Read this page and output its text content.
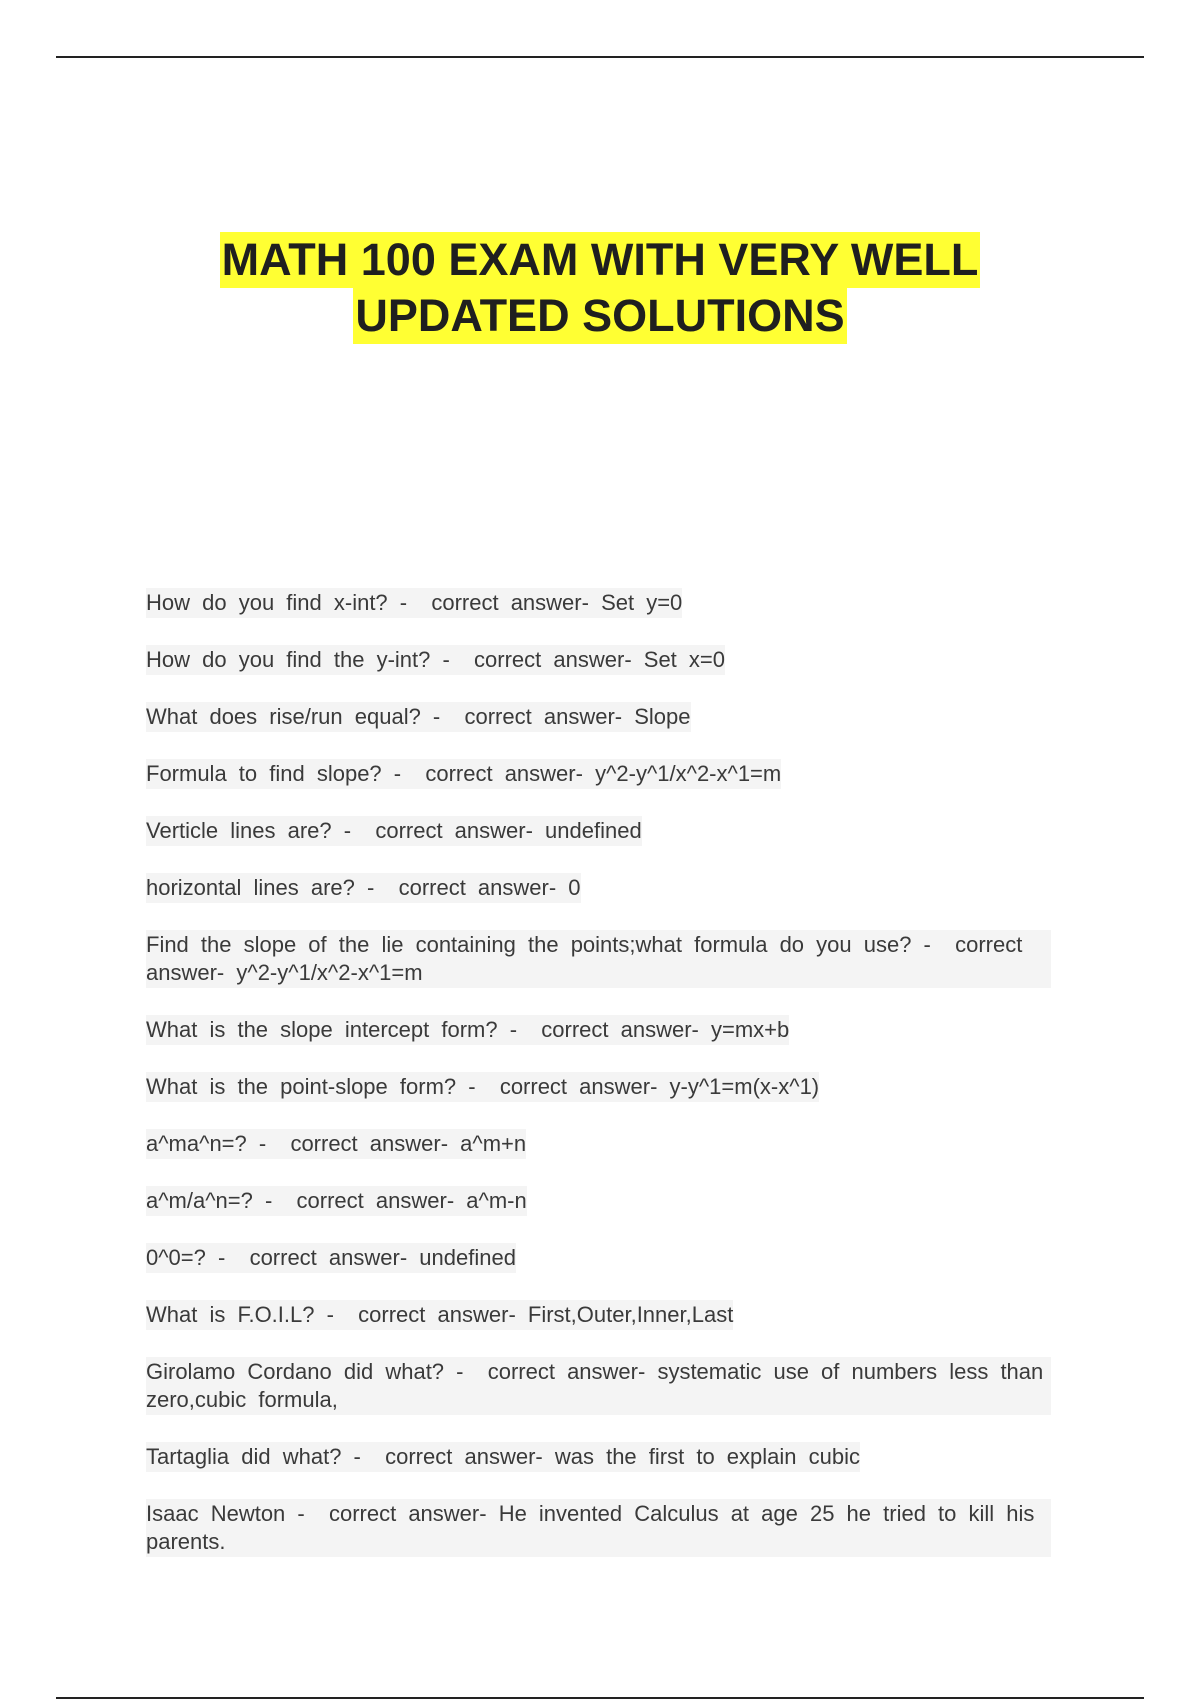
MATH 100 EXAM WITH VERY WELL
UPDATED SOLUTIONS
How do you find x-int? - correct answer- Set y=0
How do you find the y-int? - correct answer- Set x=0
What does rise/run equal? - correct answer- Slope
Formula to find slope? - correct answer- y^2-y^1/x^2-x^1=m
Verticle lines are? - correct answer- undefined
horizontal lines are? - correct answer- 0
Find the slope of the lie containing the points;what formula do you use? - correct answer- y^2-y^1/x^2-x^1=m
What is the slope intercept form? - correct answer- y=mx+b
What is the point-slope form? - correct answer- y-y^1=m(x-x^1)
a^ma^n=? - correct answer- a^m+n
a^m/a^n=? - correct answer- a^m-n
0^0=? - correct answer- undefined
What is F.O.I.L? - correct answer- First,Outer,Inner,Last
Girolamo Cordano did what? - correct answer- systematic use of numbers less than zero,cubic formula,
Tartaglia did what? - correct answer- was the first to explain cubic
Isaac Newton - correct answer- He invented Calculus at age 25 he tried to kill his parents.
